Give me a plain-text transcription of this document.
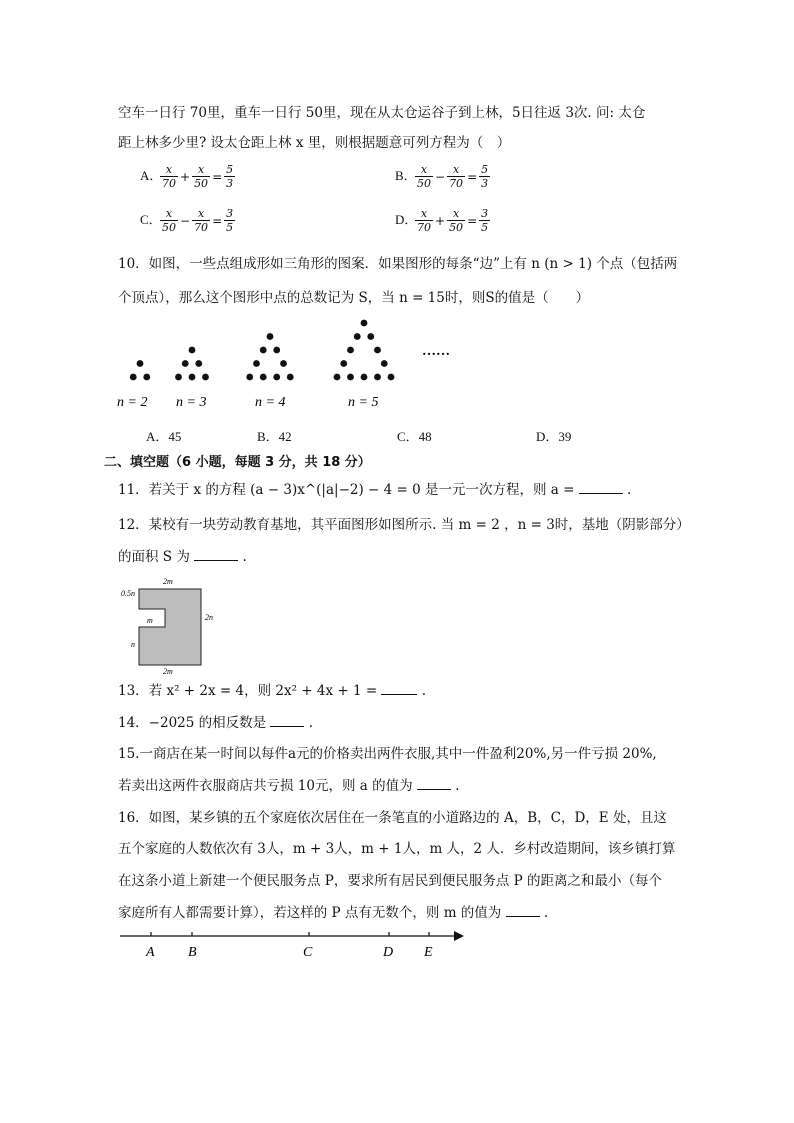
空车一日行 70里，重车一日行 50里，现在从太仓运谷子到上林，5日往返 3次. 问: 太仓
距上林多少里? 设太仓距上林 x 里，则根据题意可列方程为（　）
A．
$\frac{x}{70} + \frac{x}{50} = \frac{5}{3}$	B．
$\frac{x}{50} - \frac{x}{70} = \frac{5}{3}$
C．
$\frac{x}{50} - \frac{x}{70} = \frac{3}{5}$	D．
$\frac{x}{70} + \frac{x}{50} = \frac{3}{5}$
10．如图，一些点组成形如三角形的图案．如果图形的每条“边”上有 n (n > 1) 个点（包括两
个顶点），那么这个图形中点的总数记为 S，当 n = 15时，则S的值是（　　）
n = 2 n = 3	n = 4	n = 5
……
A．45	B．42	C．48	D．39
二、填空题（6 小题，每题 3 分，共 18 分）
11．若关于 x 的方程 (a − 3)x^(|a|−2) − 4 = 0 是一元一次方程，则 a =	.
12．某校有一块劳动教育基地，其平面图形如图所示. 当 m = 2 ，n = 3时，基地（阴影部分）
的面积 S 为	.
2m
0.5n
m	2n
n
2m
13．若 x² + 2x = 4，则 2x² + 4x + 1 =	.
14．−2025 的相反数是	.
15.一商店在某一时间以每件a元的价格卖出两件衣服,其中一件盈利20%,另一件亏损 20%,
若卖出这两件衣服商店共亏损 10元，则 a 的值为	.
16．如图，某乡镇的五个家庭依次居住在一条笔直的小道路边的 A，B，C，D，E 处，且这
五个家庭的人数依次有 3人，m + 3人，m + 1人，m 人，2 人．乡村改造期间，该乡镇打算
在这条小道上新建一个便民服务点 P，要求所有居民到便民服务点 P 的距离之和最小（每个
家庭所有人都需要计算），若这样的 P 点有无数个，则 m 的值为	.
A B	C	D E
